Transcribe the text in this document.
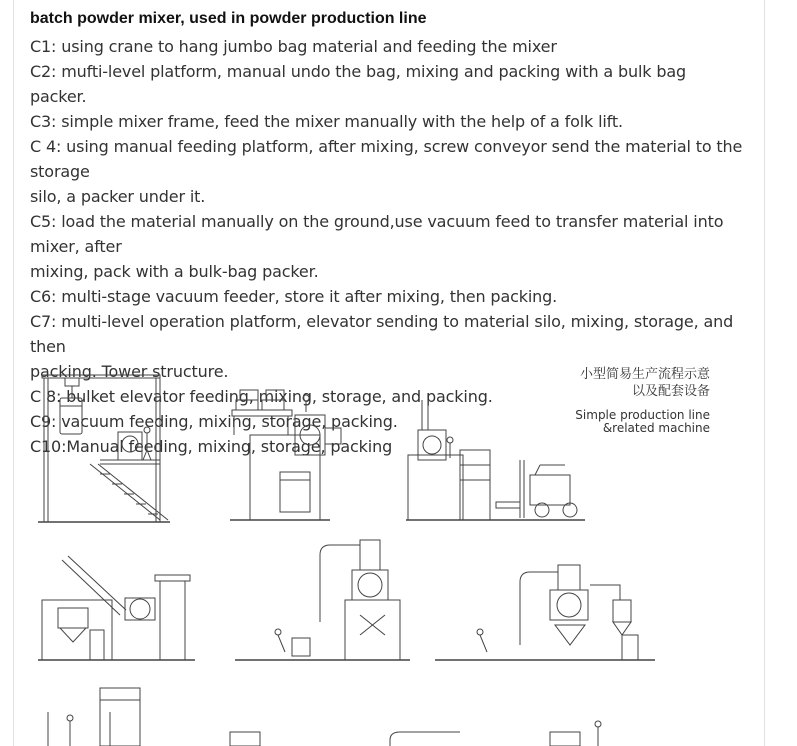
batch powder mixer, used in powder production line
C1: using crane to hang jumbo bag material and feeding the mixer
C2: mufti-level platform, manual undo the bag, mixing and packing with a bulk bag packer.
C3: simple mixer frame, feed the mixer manually with the help of a folk lift.
C 4: using manual feeding platform, after mixing, screw conveyor send the material to the storage
silo, a packer under it.
C5: load the material manually on the ground,use vacuum feed to transfer material into mixer, after
mixing, pack with a bulk-bag packer.
C6: multi-stage vacuum feeder, store it after mixing, then packing.
C7: multi-level operation platform, elevator sending to material silo, mixing, storage, and then
packing. Tower structure.
C 8: bulket elevator feeding, mixing, storage, and packing.
C9: vacuum feeding, mixing, storage, packing.
C10:Manual feeding, mixing, storage, packing
小型简易生产流程示意
以及配套设备
Simple production line
&related machine
